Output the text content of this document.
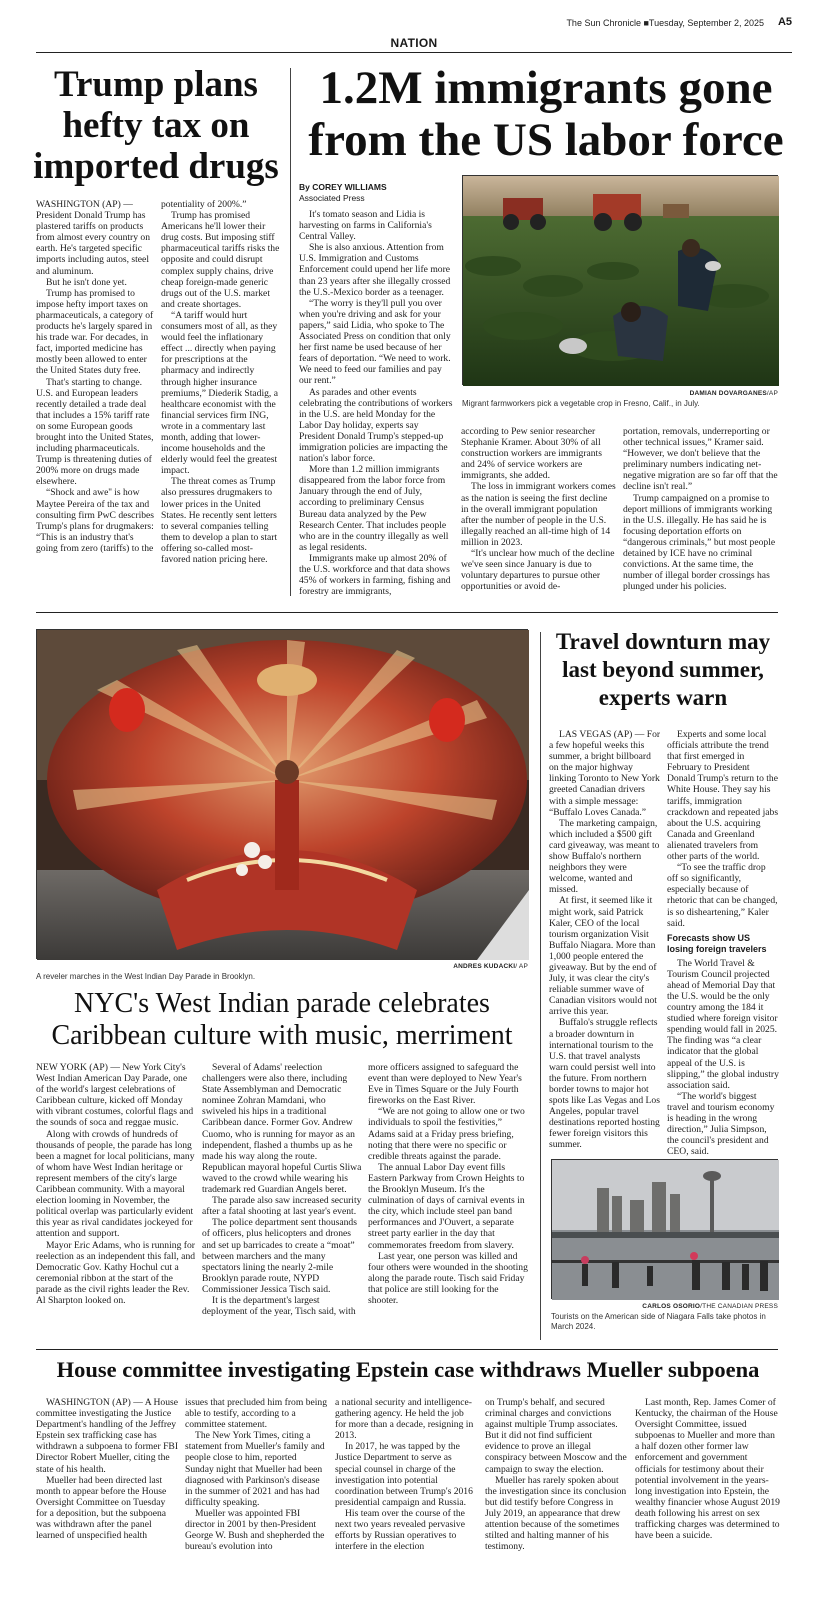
The Sun Chronicle ■Tuesday, September 2, 2025 A5
NATION
Trump plans hefty tax on imported drugs

WASHINGTON (AP) — President Donald Trump has plastered tariffs on products from almost every country on earth. He's targeted specific imports including autos, steel and aluminum.

But he isn't done yet.

Trump has promised to impose hefty import taxes on pharmaceuticals, a category of products he's largely spared in his trade war. For decades, in fact, imported medicine has mostly been allowed to enter the United States duty free.

That's starting to change. U.S. and European leaders recently detailed a trade deal that includes a 15% tariff rate on some European goods brought into the United States, including pharmaceuticals. Trump is threatening duties of 200% more on drugs made elsewhere.

“Shock and awe'' is how Maytee Pereira of the tax and consulting firm PwC describes Trump's plans for drugmakers: “This is an industry that's going from zero (tariffs) to the

potentiality of 200%.”

Trump has promised Americans he'll lower their drug costs. But imposing stiff pharmaceutical tariffs risks the opposite and could disrupt complex supply chains, drive cheap foreign-made generic drugs out of the U.S. market and create shortages.

“A tariff would hurt consumers most of all, as they would feel the inflationary effect ... directly when paying for prescriptions at the pharmacy and indirectly through higher insurance premiums,” Diederik Stadig, a healthcare economist with the financial services firm ING, wrote in a commentary last month, adding that lower-income households and the elderly would feel the greatest impact.

The threat comes as Trump also pressures drugmakers to lower prices in the United States. He recently sent letters to several companies telling them to develop a plan to start offering so-called most-favored nation pricing here.

1.2M immigrants gone from the US labor force
By COREY WILLIAMS
Associated Press
DAMIAN DOVARGANES/AP
Migrant farmworkers pick a vegetable crop in Fresno, Calif., in July.

It's tomato season and Lidia is harvesting on farms in California's Central Valley.

She is also anxious. Attention from U.S. Immigration and Customs Enforcement could upend her life more than 23 years after she illegally crossed the U.S.-Mexico border as a teenager.

“The worry is they'll pull you over when you're driving and ask for your papers,” said Lidia, who spoke to The Associated Press on condition that only her first name be used because of her fears of deportation. “We need to work. We need to feed our families and pay our rent.”

As parades and other events celebrating the contributions of workers in the U.S. are held Monday for the Labor Day holiday, experts say President Donald Trump's stepped-up immigration policies are impacting the nation's labor force.

More than 1.2 million immigrants disappeared from the labor force from January through the end of July, according to preliminary Census Bureau data analyzed by the Pew Research Center. That includes people who are in the country illegally as well as legal residents.

Immigrants make up almost 20% of the U.S. workforce and that data shows 45% of workers in farming, fishing and forestry are immigrants,

according to Pew senior researcher Stephanie Kramer. About 30% of all construction workers are immigrants and 24% of service workers are immigrants, she added.

The loss in immigrant workers comes as the nation is seeing the first decline in the overall immigrant population after the number of people in the U.S. illegally reached an all-time high of 14 million in 2023.

“It's unclear how much of the decline we've seen since January is due to voluntary departures to pursue other opportunities or avoid de-

portation, removals, underreporting or other technical issues,” Kramer said. “However, we don't believe that the preliminary numbers indicating net-negative migration are so far off that the decline isn't real.”

Trump campaigned on a promise to deport millions of immigrants working in the U.S. illegally. He has said he is focusing deportation efforts on “dangerous criminals,” but most people detained by ICE have no criminal convictions. At the same time, the number of illegal border crossings has plunged under his policies.

ANDRES KUDACKI/ AP
A reveler marches in the West Indian Day Parade in Brooklyn.
NYC's West Indian parade celebrates Caribbean culture with music, merriment

NEW YORK (AP) — New York City's West Indian American Day Parade, one of the world's largest celebrations of Caribbean culture, kicked off Monday with vibrant costumes, colorful flags and the sounds of soca and reggae music.

Along with crowds of hundreds of thousands of people, the parade has long been a magnet for local politicians, many of whom have West Indian heritage or represent members of the city's large Caribbean community. With a mayoral election looming in November, the political overlap was particularly evident this year as rival candidates jockeyed for attention and support.

Mayor Eric Adams, who is running for reelection as an independent this fall, and Democratic Gov. Kathy Hochul cut a ceremonial ribbon at the start of the parade as the civil rights leader the Rev. Al Sharpton looked on.

Several of Adams' reelection challengers were also there, including State Assemblyman and Democratic nominee Zohran Mamdani, who swiveled his hips in a traditional Caribbean dance. Former Gov. Andrew Cuomo, who is running for mayor as an independent, flashed a thumbs up as he made his way along the route. Republican mayoral hopeful Curtis Sliwa waved to the crowd while wearing his trademark red Guardian Angels beret.

The parade also saw increased security after a fatal shooting at last year's event.

The police department sent thousands of officers, plus helicopters and drones and set up barricades to create a “moat” between marchers and the many spectators lining the nearly 2-mile Brooklyn parade route, NYPD Commissioner Jessica Tisch said.

It is the department's largest deployment of the year, Tisch said, with

more officers assigned to safeguard the event than were deployed to New Year's Eve in Times Square or the July Fourth fireworks on the East River.

“We are not going to allow one or two individuals to spoil the festivities,” Adams said at a Friday press briefing, noting that there were no specific or credible threats against the parade.

The annual Labor Day event fills Eastern Parkway from Crown Heights to the Brooklyn Museum. It's the culmination of days of carnival events in the city, which include steel pan band performances and J'Ouvert, a separate street party earlier in the day that commemorates freedom from slavery.

Last year, one person was killed and four others were wounded in the shooting along the parade route. Tisch said Friday that police are still looking for the shooter.

Travel downturn may last beyond summer, experts warn

LAS VEGAS (AP) — For a few hopeful weeks this summer, a bright billboard on the major highway linking Toronto to New York greeted Canadian drivers with a simple message: “Buffalo Loves Canada.”

The marketing campaign, which included a $500 gift card giveaway, was meant to show Buffalo's northern neighbors they were welcome, wanted and missed.

At first, it seemed like it might work, said Patrick Kaler, CEO of the local tourism organization Visit Buffalo Niagara. More than 1,000 people entered the giveaway. But by the end of July, it was clear the city's reliable summer wave of Canadian visitors would not arrive this year.

Buffalo's struggle reflects a broader downturn in international tourism to the U.S. that travel analysts warn could persist well into the future. From northern border towns to major hot spots like Las Vegas and Los Angeles, popular travel destinations reported hosting fewer foreign visitors this summer.

Experts and some local officials attribute the trend that first emerged in February to President Donald Trump's return to the White House. They say his tariffs, immigration crackdown and repeated jabs about the U.S. acquiring Canada and Greenland alienated travelers from other parts of the world.

“To see the traffic drop off so significantly, especially because of rhetoric that can be changed, is so disheartening,” Kaler said.

Forecasts show US losing foreign travelers

The World Travel & Tourism Council projected ahead of Memorial Day that the U.S. would be the only country among the 184 it studied where foreign visitor spending would fall in 2025. The finding was “a clear indicator that the global appeal of the U.S. is slipping,” the global industry association said.

“The world's biggest travel and tourism economy is heading in the wrong direction,” Julia Simpson, the council's president and CEO, said.

CARLOS OSORIO/THE CANADIAN PRESS
Tourists on the American side of Niagara Falls take photos in March 2024.
House committee investigating Epstein case withdraws Mueller subpoena

WASHINGTON (AP) — A House committee investigating the Justice Department's handling of the Jeffrey Epstein sex trafficking case has withdrawn a subpoena to former FBI Director Robert Mueller, citing the state of his health.

Mueller had been directed last month to appear before the House Oversight Committee on Tuesday for a deposition, but the subpoena was withdrawn after the panel learned of unspecified health

issues that precluded him from being able to testify, according to a committee statement.

The New York Times, citing a statement from Mueller's family and people close to him, reported Sunday night that Mueller had been diagnosed with Parkinson's disease in the summer of 2021 and has had difficulty speaking.

Mueller was appointed FBI director in 2001 by then-President George W. Bush and shepherded the bureau's evolution into

a national security and intelligence-gathering agency. He held the job for more than a decade, resigning in 2013.

In 2017, he was tapped by the Justice Department to serve as special counsel in charge of the investigation into potential coordination between Trump's 2016 presidential campaign and Russia.

His team over the course of the next two years revealed pervasive efforts by Russian operatives to interfere in the election

on Trump's behalf, and secured criminal charges and convictions against multiple Trump associates. But it did not find sufficient evidence to prove an illegal conspiracy between Moscow and the campaign to sway the election.

Mueller has rarely spoken about the investigation since its conclusion but did testify before Congress in July 2019, an appearance that drew attention because of the sometimes stilted and halting manner of his testimony.

Last month, Rep. James Comer of Kentucky, the chairman of the House Oversight Committee, issued subpoenas to Mueller and more than a half dozen other former law enforcement and government officials for testimony about their potential involvement in the years-long investigation into Epstein, the wealthy financier whose August 2019 death following his arrest on sex trafficking charges was determined to have been a suicide.
